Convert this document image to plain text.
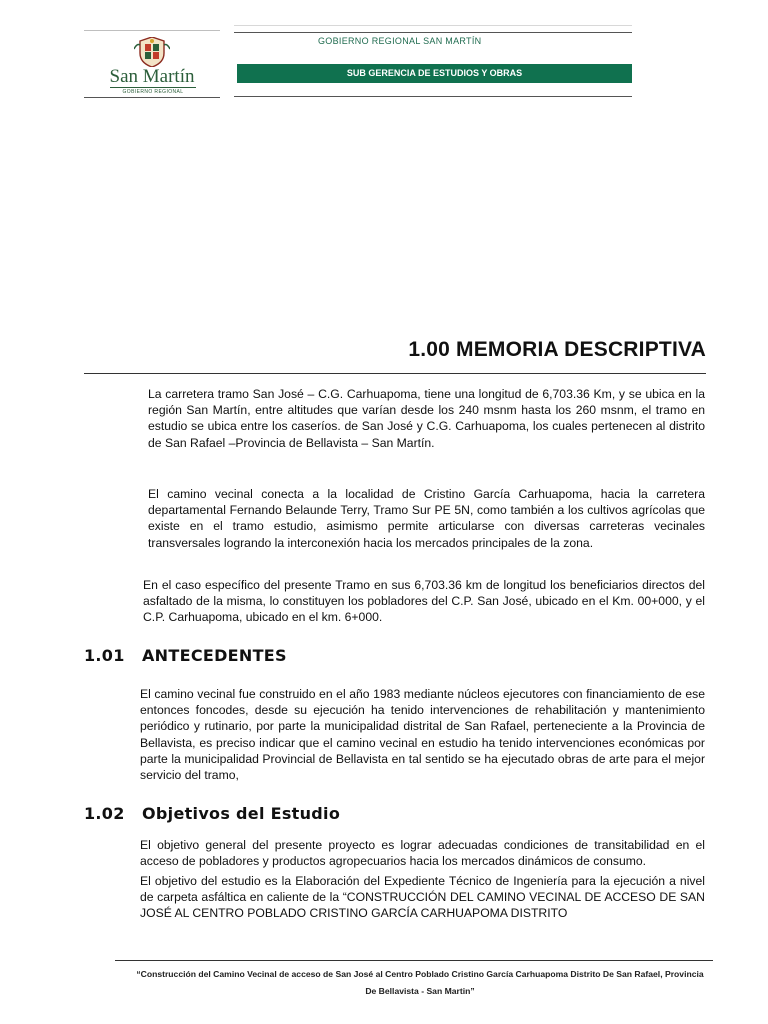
San Martín
GOBIERNO REGIONAL
GOBIERNO REGIONAL SAN MARTÍN
SUB GERENCIA DE ESTUDIOS Y OBRAS
1.00 MEMORIA DESCRIPTIVA

La carretera tramo San José – C.G. Carhuapoma, tiene una longitud de 6,703.36 Km, y se ubica en la región San Martín, entre altitudes que varían desde los 240 msnm hasta los 260 msnm, el tramo en estudio se ubica entre los caseríos. de San José y C.G. Carhuapoma, los cuales pertenecen al distrito de San Rafael –Provincia de Bellavista – San Martín.

El camino vecinal conecta a la localidad de Cristino García Carhuapoma, hacia la carretera departamental Fernando Belaunde Terry, Tramo Sur PE 5N, como también a los cultivos agrícolas que existe en el tramo estudio, asimismo permite articularse con diversas carreteras vecinales transversales logrando la interconexión hacia los mercados principales de la zona.

En el caso específico del presente Tramo en sus 6,703.36 km de longitud los beneficiarios directos del asfaltado de la misma, lo constituyen los pobladores del C.P. San José, ubicado en el Km. 00+000, y el C.P. Carhuapoma, ubicado en el km. 6+000.

1.01 ANTECEDENTES

El camino vecinal fue construido en el año 1983 mediante núcleos ejecutores con financiamiento de ese entonces foncodes, desde su ejecución ha tenido intervenciones de rehabilitación y mantenimiento periódico y rutinario, por parte la municipalidad distrital de San Rafael, perteneciente a la Provincia de Bellavista, es preciso indicar que el camino vecinal en estudio ha tenido intervenciones económicas por parte la municipalidad Provincial de Bellavista en tal sentido se ha ejecutado obras de arte para el mejor servicio del tramo,

1.02 Objetivos del Estudio

El objetivo general del presente proyecto es lograr adecuadas condiciones de transitabilidad en el acceso de pobladores y productos agropecuarios hacia los mercados dinámicos de consumo.

El objetivo del estudio es la Elaboración del Expediente Técnico de Ingeniería para la ejecución a nivel de carpeta asfáltica en caliente de la “CONSTRUCCIÓN DEL CAMINO VECINAL DE ACCESO DE SAN JOSÉ AL CENTRO POBLADO CRISTINO GARCÍA CARHUAPOMA DISTRITO

“Construcción del Camino Vecinal de acceso de San José al Centro Poblado Cristino García Carhuapoma Distrito De San Rafael, Provincia De Bellavista - San Martin”
